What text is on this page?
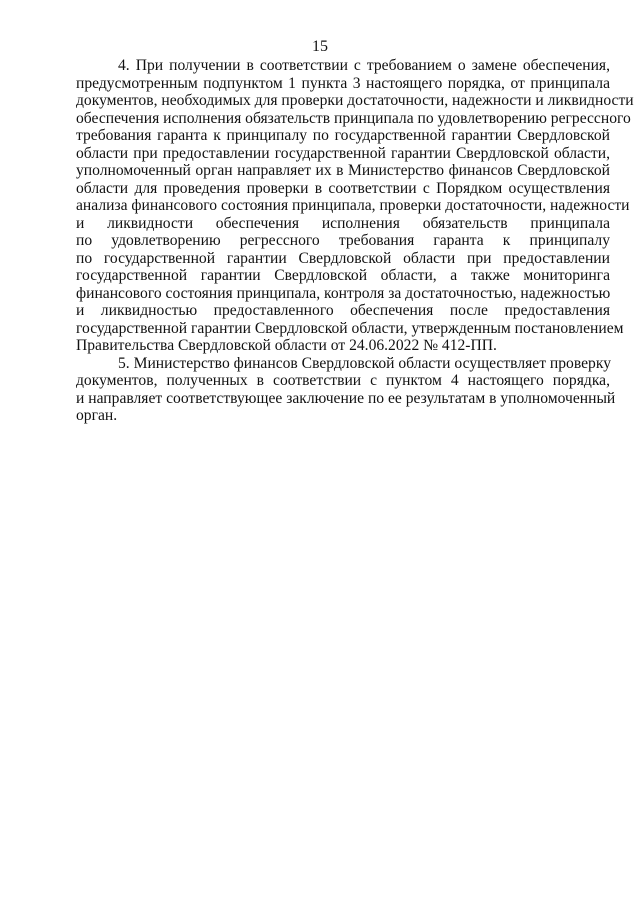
15
4. При получении в соответствии с требованием о замене обеспечения,
предусмотренным подпунктом 1 пункта 3 настоящего порядка, от принципала
документов, необходимых для проверки достаточности, надежности и ликвидности
обеспечения исполнения обязательств принципала по удовлетворению регрессного
требования гаранта к принципалу по государственной гарантии Свердловской
области при предоставлении государственной гарантии Свердловской области,
уполномоченный орган направляет их в Министерство финансов Свердловской
области для проведения проверки в соответствии с Порядком осуществления
анализа финансового состояния принципала, проверки достаточности, надежности
и ликвидности обеспечения исполнения обязательств принципала
по удовлетворению регрессного требования гаранта к принципалу
по государственной гарантии Свердловской области при предоставлении
государственной гарантии Свердловской области, а также мониторинга
финансового состояния принципала, контроля за достаточностью, надежностью
и ликвидностью предоставленного обеспечения после предоставления
государственной гарантии Свердловской области, утвержденным постановлением
Правительства Свердловской области от 24.06.2022 № 412-ПП.
5. Министерство финансов Свердловской области осуществляет проверку
документов, полученных в соответствии с пунктом 4 настоящего порядка,
и направляет соответствующее заключение по ее результатам в уполномоченный
орган.
